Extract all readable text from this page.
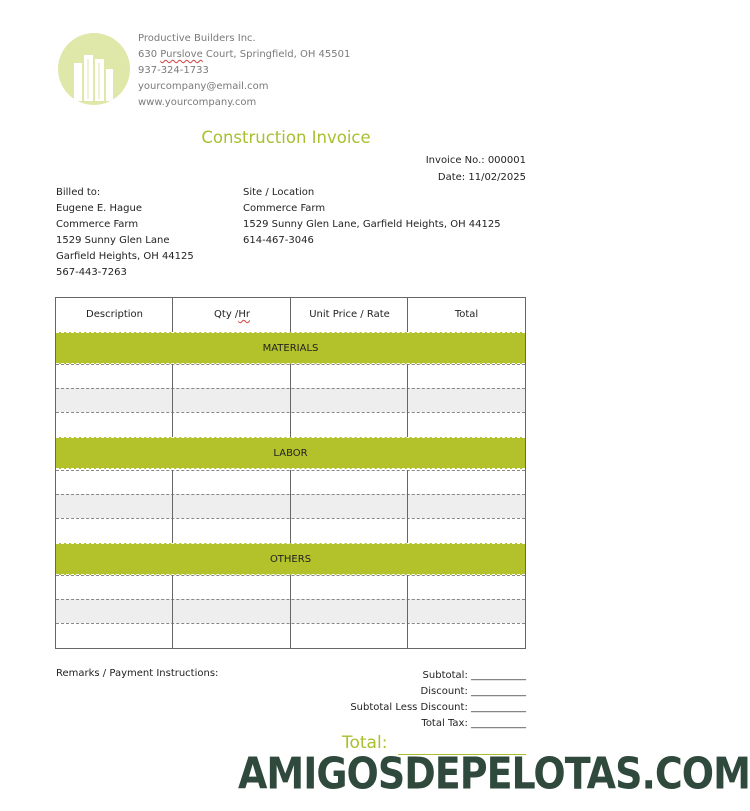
Productive Builders Inc.
630 Purslove Court, Springfield, OH 45501
937-324-1733
yourcompany@email.com
www.yourcompany.com
Construction Invoice
Invoice No.: 000001
Date: 11/02/2025
Billed to:
Eugene E. Hague
Commerce Farm
1529 Sunny Glen Lane
Garfield Heights, OH 44125
567-443-7263
Site / Location
Commerce Farm
1529 Sunny Glen Lane, Garfield Heights, OH 44125
614-467-3046
Description	Qty / Hr	Unit Price / Rate	Total
MATERIALS
LABOR
OTHERS
Remarks / Payment Instructions:	Subtotal: ___________
Discount: ___________
Subtotal Less Discount: ___________
Total Tax: ___________
Total:
AMIGOSDEPELOTAS.COM
